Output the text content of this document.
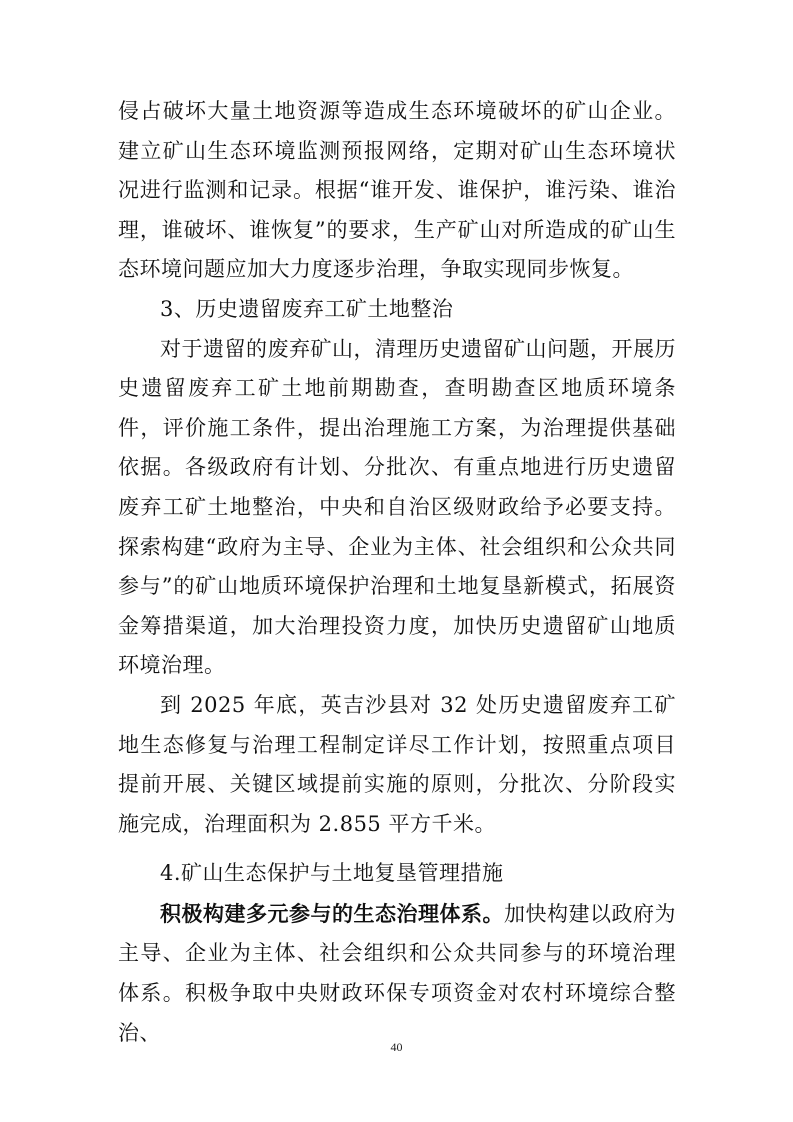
侵占破坏大量土地资源等造成生态环境破坏的矿山企业。建立矿山生态环境监测预报网络，定期对矿山生态环境状况进行监测和记录。根据“谁开发、谁保护，谁污染、谁治理，谁破坏、谁恢复”的要求，生产矿山对所造成的矿山生态环境问题应加大力度逐步治理，争取实现同步恢复。

3、历史遗留废弃工矿土地整治

对于遗留的废弃矿山，清理历史遗留矿山问题，开展历史遗留废弃工矿土地前期勘查，查明勘查区地质环境条件，评价施工条件，提出治理施工方案，为治理提供基础依据。各级政府有计划、分批次、有重点地进行历史遗留废弃工矿土地整治，中央和自治区级财政给予必要支持。探索构建“政府为主导、企业为主体、社会组织和公众共同参与”的矿山地质环境保护治理和土地复垦新模式，拓展资金筹措渠道，加大治理投资力度，加快历史遗留矿山地质环境治理。

到 2025 年底，英吉沙县对 32 处历史遗留废弃工矿地生态修复与治理工程制定详尽工作计划，按照重点项目提前开展、关键区域提前实施的原则，分批次、分阶段实施完成，治理面积为 2.855 平方千米。

4.矿山生态保护与土地复垦管理措施

积极构建多元参与的生态治理体系。加快构建以政府为主导、企业为主体、社会组织和公众共同参与的环境治理体系。积极争取中央财政环保专项资金对农村环境综合整治、

40
